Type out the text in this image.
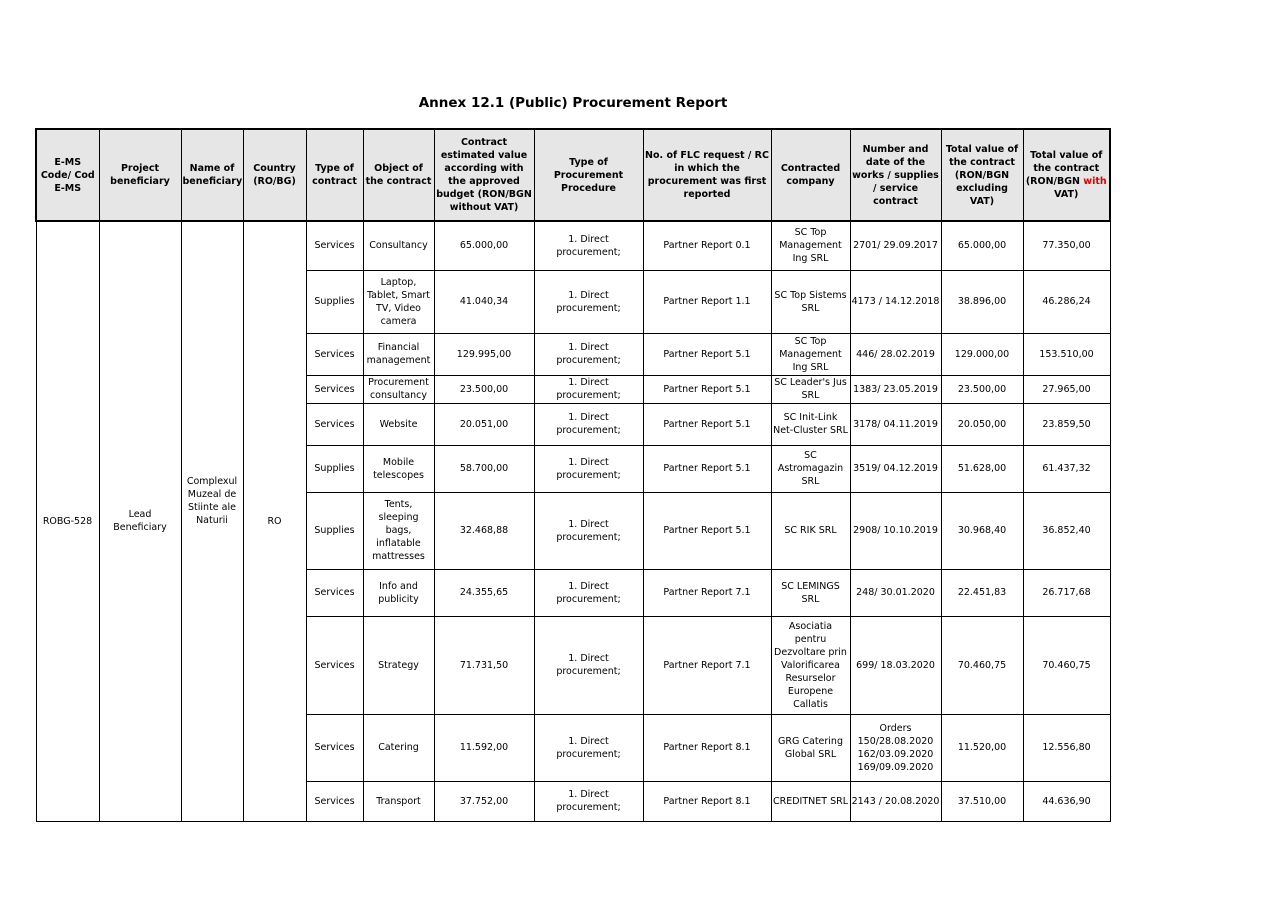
Annex 12.1 (Public) Procurement Report
E-MS Code/ Cod E-MS	Project beneficiary	Name of beneficiary	Country (RO/BG)	Type of contract	Object of the contract	Contract estimated value according with the approved budget (RON/BGN without VAT)	Type of Procurement Procedure	No. of FLC request / RC in which the procurement was first reported	Contracted company	Number and date of the works / supplies / service contract	Total value of the contract (RON/BGN excluding VAT)	Total value of the contract (RON/BGN with VAT)
ROBG-528	Lead Beneficiary	Complexul Muzeal de Stiinte ale Naturii	RO	Services	Consultancy	65.000,00	1. Direct procurement;	Partner Report 0.1	SC Top Management Ing SRL	2701/ 29.09.2017	65.000,00	77.350,00
				Supplies	Laptop, Tablet, Smart TV, Video camera	41.040,34	1. Direct procurement;	Partner Report 1.1	SC Top Sistems SRL	4173 / 14.12.2018	38.896,00	46.286,24
				Services	Financial management	129.995,00	1. Direct procurement;	Partner Report 5.1	SC Top Management Ing SRL	446/ 28.02.2019	129.000,00	153.510,00
				Services	Procurement consultancy	23.500,00	1. Direct procurement;	Partner Report 5.1	SC Leader's Jus SRL	1383/ 23.05.2019	23.500,00	27.965,00
				Services	Website	20.051,00	1. Direct procurement;	Partner Report 5.1	SC Init-Link Net-Cluster SRL	3178/ 04.11.2019	20.050,00	23.859,50
				Supplies	Mobile telescopes	58.700,00	1. Direct procurement;	Partner Report 5.1	SC Astromagazin SRL	3519/ 04.12.2019	51.628,00	61.437,32
				Supplies	Tents, sleeping bags, inflatable mattresses	32.468,88	1. Direct procurement;	Partner Report 5.1	SC RIK SRL	2908/ 10.10.2019	30.968,40	36.852,40
				Services	Info and publicity	24.355,65	1. Direct procurement;	Partner Report 7.1	SC LEMINGS SRL	248/ 30.01.2020	22.451,83	26.717,68
				Services	Strategy	71.731,50	1. Direct procurement;	Partner Report 7.1	Asociatia pentru Dezvoltare prin Valorificarea Resurselor Europene Callatis	699/ 18.03.2020	70.460,75	70.460,75
				Services	Catering	11.592,00	1. Direct procurement;	Partner Report 8.1	GRG Catering Global SRL	Orders 150/28.08.2020 162/03.09.2020 169/09.09.2020	11.520,00	12.556,80
				Services	Transport	37.752,00	1. Direct procurement;	Partner Report 8.1	CREDITNET SRL	2143 / 20.08.2020	37.510,00	44.636,90
